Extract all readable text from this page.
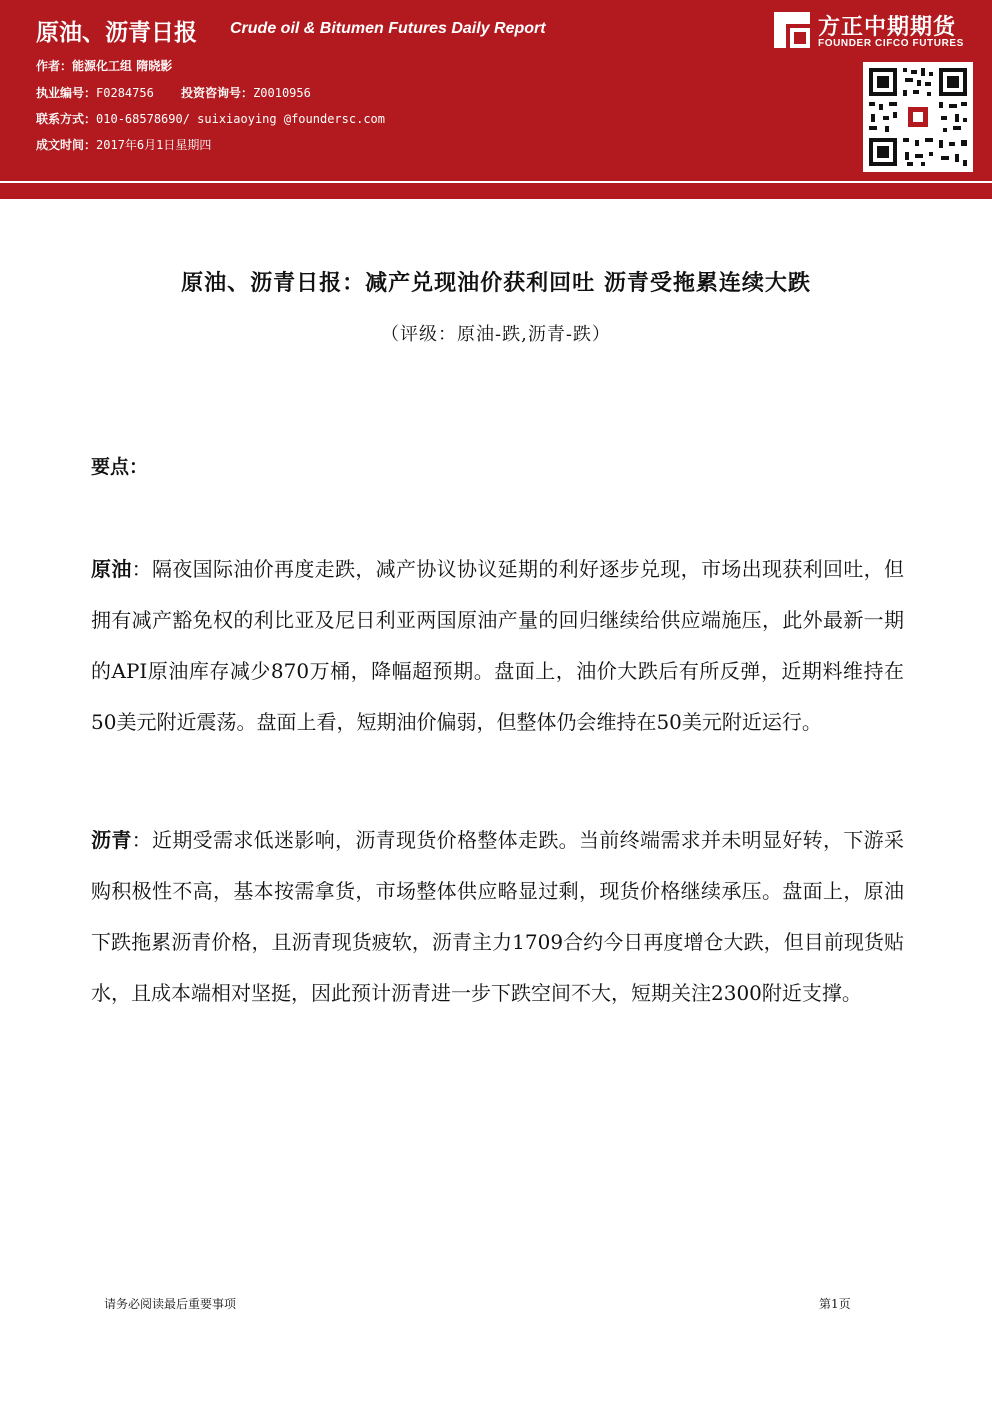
原油、沥青日报 Crude oil & Bitumen Futures Daily Report
作者：能源化工组 隋晓影
执业编号：F0284756 投资咨询号：Z0010956
联系方式：010-68578690/ suixiaoying @foundersc.com
成文时间：2017年6月1日星期四
方正中期期货
FOUNDER CIFCO FUTURES
原油、沥青日报：减产兑现油价获利回吐 沥青受拖累连续大跌
（评级：原油-跌,沥青-跌）
要点：
原油：隔夜国际油价再度走跌，减产协议协议延期的利好逐步兑现，市场出现获利回吐，但拥有减产豁免权的利比亚及尼日利亚两国原油产量的回归继续给供应端施压，此外最新一期的API原油库存减少870万桶，降幅超预期。盘面上，油价大跌后有所反弹，近期料维持在50美元附近震荡。盘面上看，短期油价偏弱，但整体仍会维持在50美元附近运行。
沥青：近期受需求低迷影响，沥青现货价格整体走跌。当前终端需求并未明显好转，下游采购积极性不高，基本按需拿货，市场整体供应略显过剩，现货价格继续承压。盘面上，原油下跌拖累沥青价格，且沥青现货疲软，沥青主力1709合约今日再度增仓大跌，但目前现货贴水，且成本端相对坚挺，因此预计沥青进一步下跌空间不大，短期关注2300附近支撑。
请务必阅读最后重要事项	第1页
